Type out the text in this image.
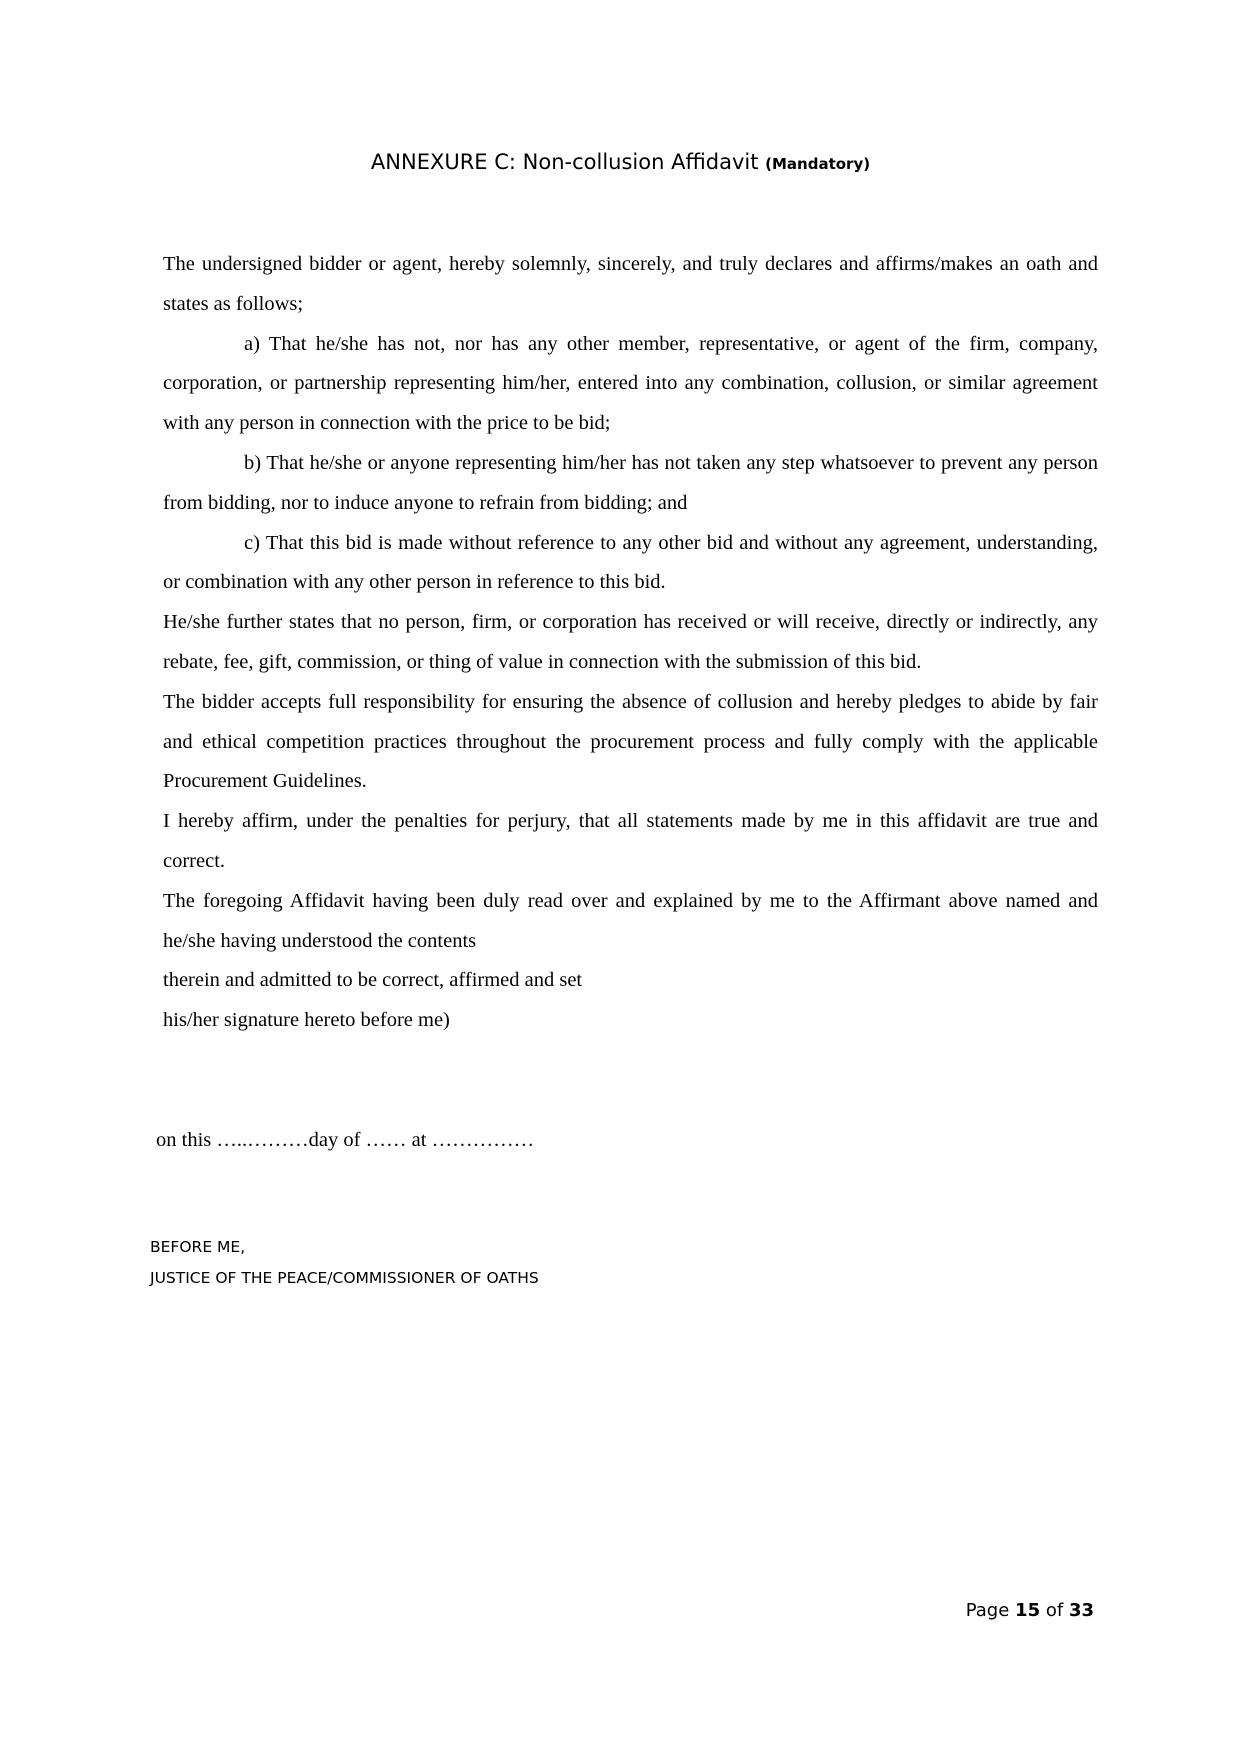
ANNEXURE C: Non-collusion Affidavit (Mandatory)

The undersigned bidder or agent, hereby solemnly, sincerely, and truly declares and affirms/makes an oath and states as follows;

a) That he/she has not, nor has any other member, representative, or agent of the firm, company, corporation, or partnership representing him/her, entered into any combination, collusion, or similar agreement with any person in connection with the price to be bid;

b) That he/she or anyone representing him/her has not taken any step whatsoever to prevent any person from bidding, nor to induce anyone to refrain from bidding; and

c) That this bid is made without reference to any other bid and without any agreement, understanding, or combination with any other person in reference to this bid.

He/she further states that no person, firm, or corporation has received or will receive, directly or indirectly, any rebate, fee, gift, commission, or thing of value in connection with the submission of this bid.

The bidder accepts full responsibility for ensuring the absence of collusion and hereby pledges to abide by fair and ethical competition practices throughout the procurement process and fully comply with the applicable Procurement Guidelines.

I hereby affirm, under the penalties for perjury, that all statements made by me in this affidavit are true and correct.

The foregoing Affidavit having been duly read over and explained by me to the Affirmant above named and he/she having understood the contents

therein and admitted to be correct, affirmed and set

his/her signature hereto before me)

on this …..………day of …… at ……………
BEFORE ME,
JUSTICE OF THE PEACE/COMMISSIONER OF OATHS
Page 15 of 33
